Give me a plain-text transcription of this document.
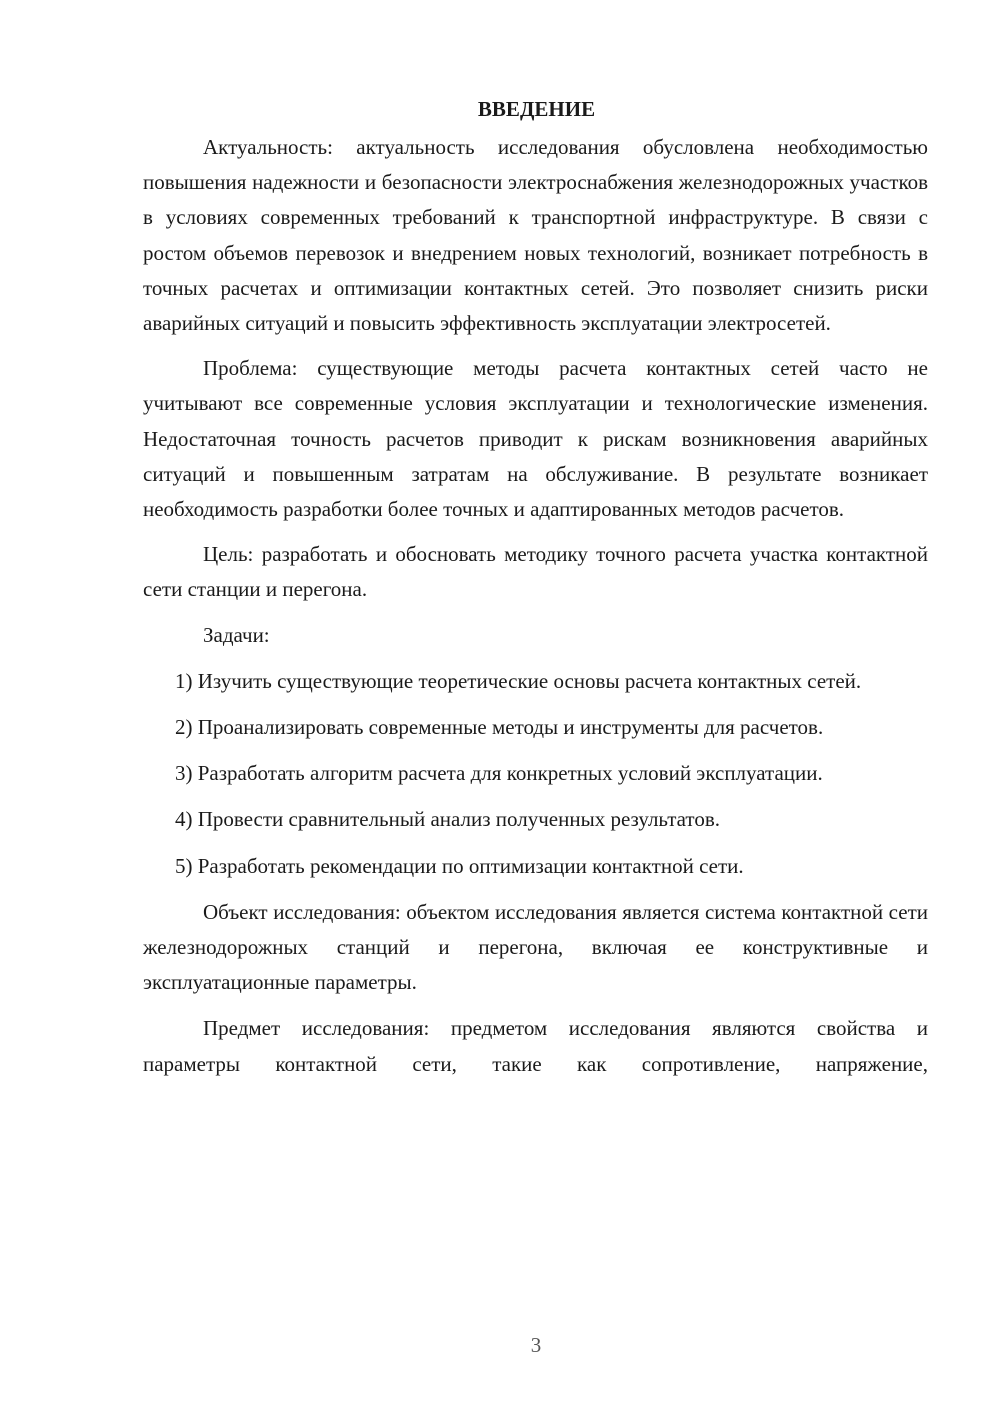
ВВЕДЕНИЕ

Актуальность: актуальность исследования обусловлена необходимостью повышения надежности и безопасности электроснабжения железнодорожных участков в условиях современных требований к транспортной инфраструктуре. В связи с ростом объемов перевозок и внедрением новых технологий, возникает потребность в точных расчетах и оптимизации контактных сетей. Это позволяет снизить риски аварийных ситуаций и повысить эффективность эксплуатации электросетей.

Проблема: существующие методы расчета контактных сетей часто не учитывают все современные условия эксплуатации и технологические изменения. Недостаточная точность расчетов приводит к рискам возникновения аварийных ситуаций и повышенным затратам на обслуживание. В результате возникает необходимость разработки более точных и адаптированных методов расчетов.

Цель: разработать и обосновать методику точного расчета участка контактной сети станции и перегона.

Задачи:

1) Изучить существующие теоретические основы расчета контактных сетей.

2) Проанализировать современные методы и инструменты для расчетов.

3) Разработать алгоритм расчета для конкретных условий эксплуатации.

4) Провести сравнительный анализ полученных результатов.

5) Разработать рекомендации по оптимизации контактной сети.

Объект исследования: объектом исследования является система контактной сети железнодорожных станций и перегона, включая ее конструктивные и эксплуатационные параметры.

Предмет исследования: предметом исследования являются свойства и параметры контактной сети, такие как сопротивление, напряжение,

3
